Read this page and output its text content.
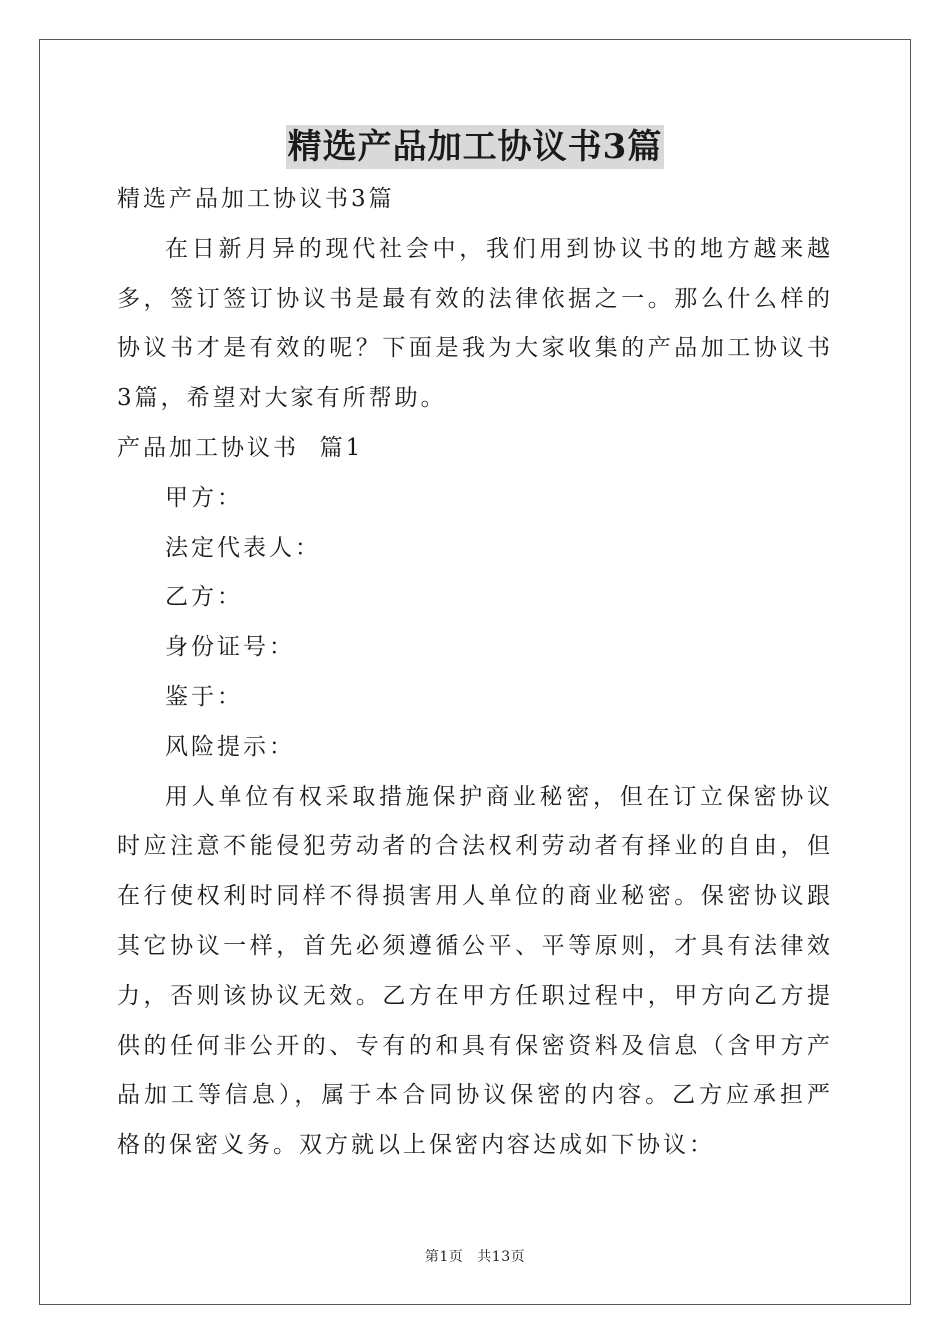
精选产品加工协议书3篇

精选产品加工协议书3篇

在日新月异的现代社会中，我们用到协议书的地方越来越多，签订签订协议书是最有效的法律依据之一。那么什么样的协议书才是有效的呢？下面是我为大家收集的产品加工协议书3篇，希望对大家有所帮助。

产品加工协议书  篇1

甲方：

法定代表人：

乙方：

身份证号：

鉴于：

风险提示：

用人单位有权采取措施保护商业秘密，但在订立保密协议时应注意不能侵犯劳动者的合法权利劳动者有择业的自由，但在行使权利时同样不得损害用人单位的商业秘密。保密协议跟其它协议一样，首先必须遵循公平、平等原则，才具有法律效力，否则该协议无效。乙方在甲方任职过程中，甲方向乙方提供的任何非公开的、专有的和具有保密资料及信息（含甲方产品加工等信息），属于本合同协议保密的内容。乙方应承担严格的保密义务。双方就以上保密内容达成如下协议：

第1页 共13页
